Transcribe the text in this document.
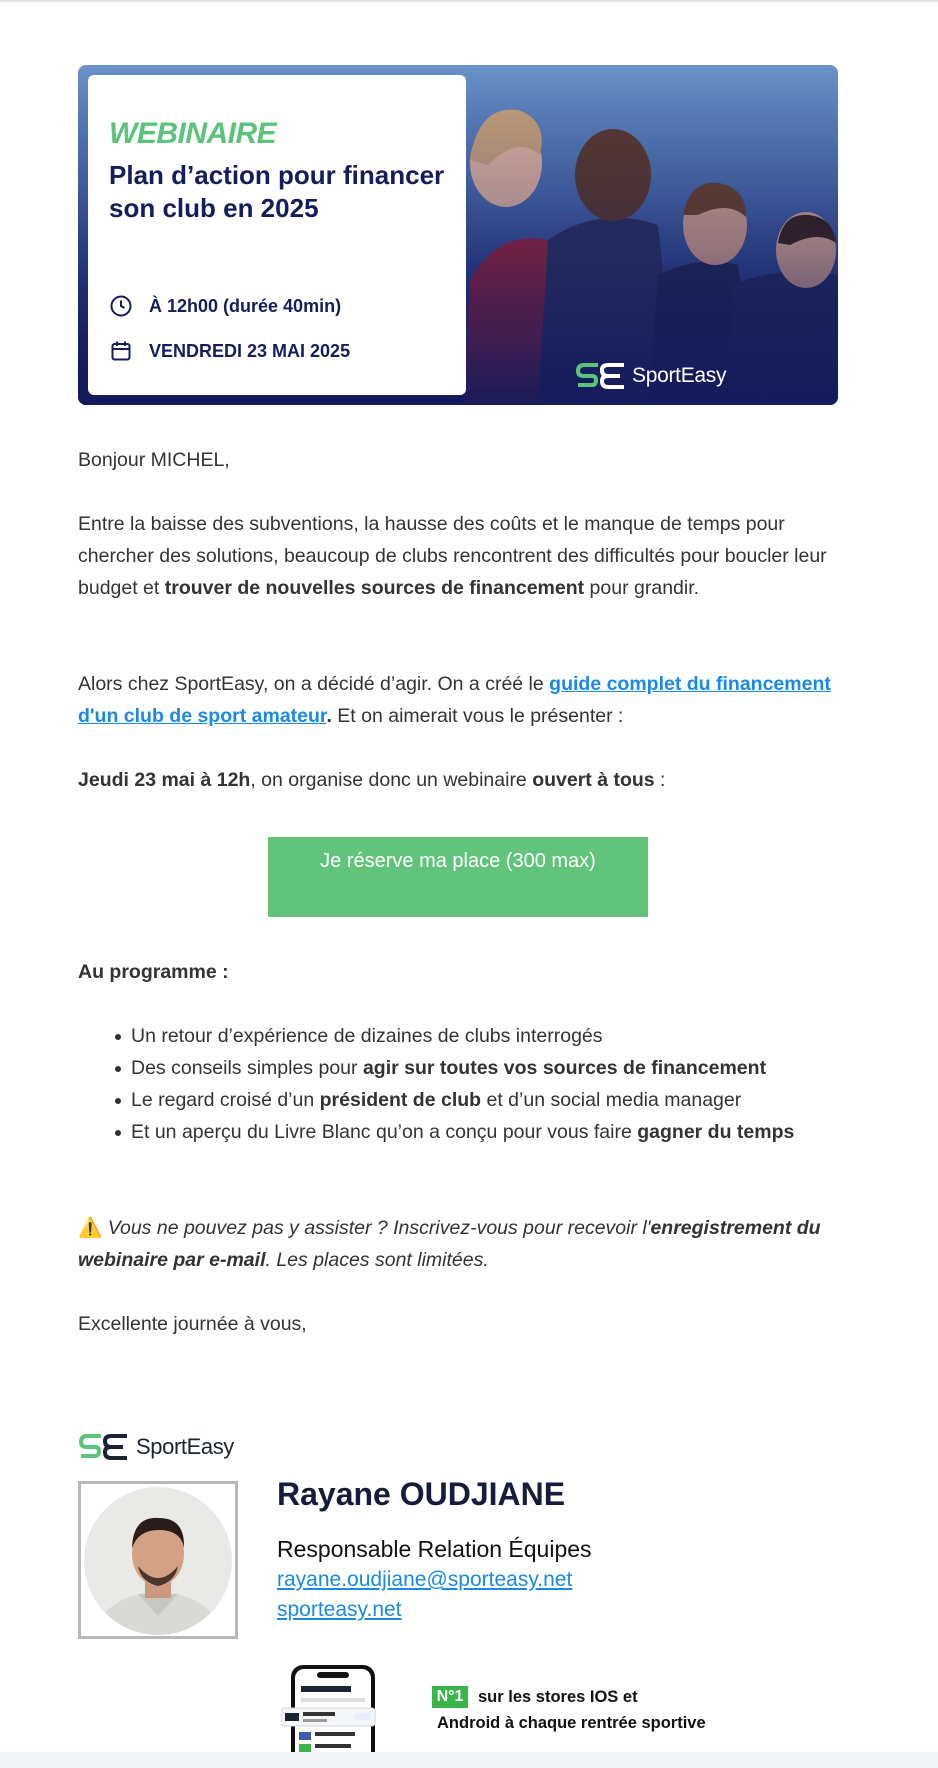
WEBINAIRE
Plan d’action pour financer son club en 2025
À 12h00 (durée 40min)
VENDREDI 23 MAI 2025
SportEasy

Bonjour MICHEL,

Entre la baisse des subventions, la hausse des coûts et le manque de temps pour chercher des solutions, beaucoup de clubs rencontrent des difficultés pour boucler leur budget et trouver de nouvelles sources de financement pour grandir.

Alors chez SportEasy, on a décidé d’agir. On a créé le guide complet du financement d'un club de sport amateur. Et on aimerait vous le présenter :

Jeudi 23 mai à 12h, on organise donc un webinaire ouvert à tous :

Je réserve ma place (300 max)

Au programme :

Un retour d’expérience de dizaines de clubs interrogés
Des conseils simples pour agir sur toutes vos sources de financement
Le regard croisé d’un président de club et d’un social media manager
Et un aperçu du Livre Blanc qu’on a conçu pour vous faire gagner du temps

⚠️ Vous ne pouvez pas y assister ? Inscrivez-vous pour recevoir l'enregistrement du webinaire par e-mail. Les places sont limitées.

Excellente journée à vous,

SportEasy
Rayane OUDJIANE
Responsable Relation Équipes
rayane.oudjiane@sporteasy.net
sporteasy.net
N°1 sur les stores IOS et
Android à chaque rentrée sportive
